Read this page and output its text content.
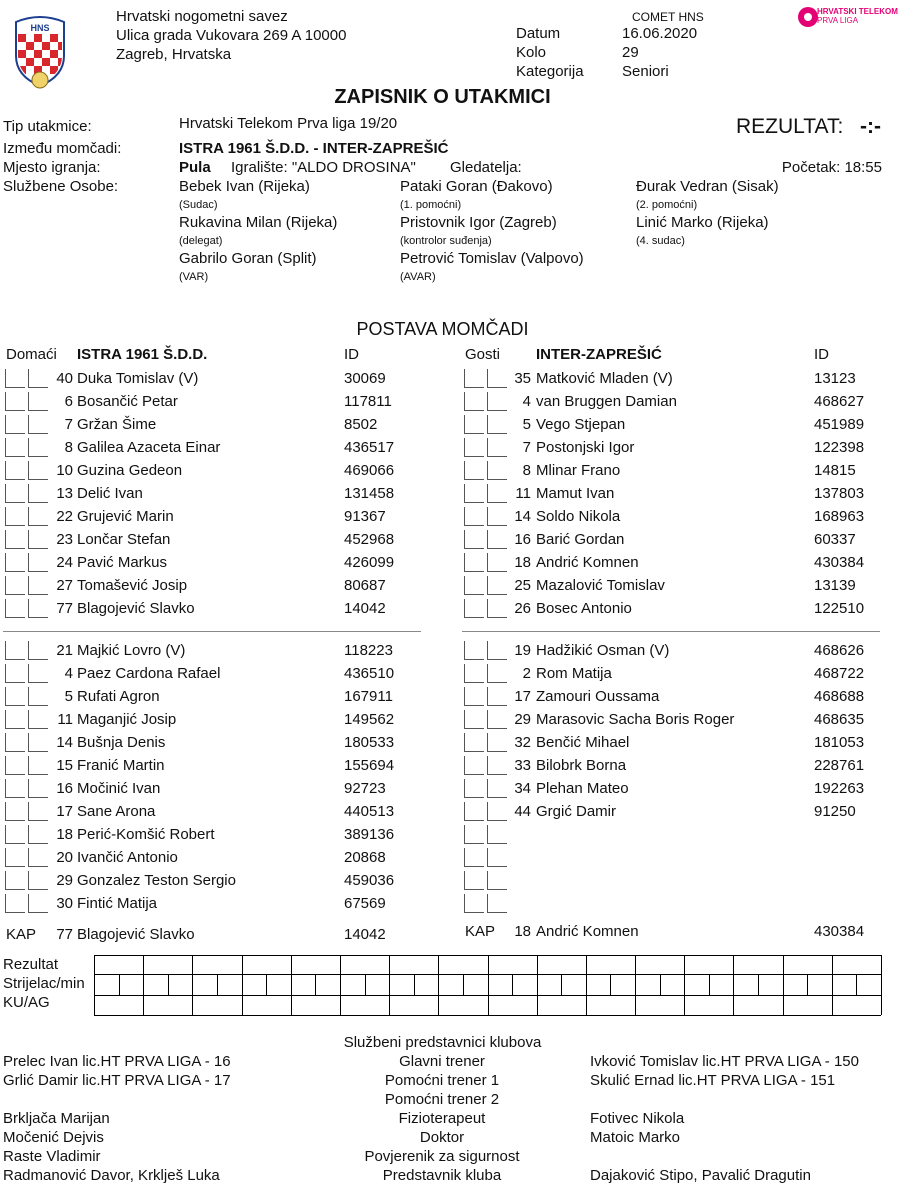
HNS
Hrvatski nogometni savez
Ulica grada Vukovara 269 A 10000
Zagreb, Hrvatska
COMET HNS
Datum	16.06.2020
Kolo	29
Kategorija	Seniori
HRVATSKI TELEKOM
PRVA LIGA
ZAPISNIK O UTAKMICI
Tip utakmice:	Hrvatski Telekom Prva liga 19/20	REZULTAT: -:-
Između momčadi:	ISTRA 1961 Š.D.D. - INTER-ZAPREŠIĆ
Mjesto igranja:	Pula Igralište: "ALDO DROSINA" Gledatelja:	Početak: 18:55
Službene Osobe:	Bebek Ivan (Rijeka)
(Sudac)
Pataki Goran (Đakovo)
(1. pomoćni)
Đurak Vedran (Sisak)
(2. pomoćni)
Rukavina Milan (Rijeka)
(delegat)
Pristovnik Igor (Zagreb)
(kontrolor suđenja)
Linić Marko (Rijeka)
(4. sudac)
Gabrilo Goran (Split)
(VAR)
Petrović Tomislav (Valpovo)
(AVAR)
POSTAVA MOMČADI
Domaći ISTRA 1961 Š.D.D.	ID	Gosti INTER-ZAPREŠIĆ	ID
40 Duka Tomislav (V)	30069
6 Bosančić Petar	117811
7 Gržan Šime	8502
8 Galilea Azaceta Einar	436517
10 Guzina Gedeon	469066
13 Delić Ivan	131458
22 Grujević Marin	91367
23 Lončar Stefan	452968
24 Pavić Markus	426099
27 Tomašević Josip	80687
77 Blagojević Slavko	14042
21 Majkić Lovro (V)	118223
4 Paez Cardona Rafael	436510
5 Rufati Agron	167911
11 Maganjić Josip	149562
14 Bušnja Denis	180533
15 Franić Martin	155694
16 Močinić Ivan	92723
17 Sane Arona	440513
18 Perić-Komšić Robert	389136
20 Ivančić Antonio	20868
29 Gonzalez Teston Sergio	459036
30 Fintić Matija	67569
35 Matković Mladen (V)	13123
4 van Bruggen Damian	468627
5 Vego Stjepan	451989
7 Postonjski Igor	122398
8 Mlinar Frano	14815
11 Mamut Ivan	137803
14 Soldo Nikola	168963
16 Barić Gordan	60337
18 Andrić Komnen	430384
25 Mazalović Tomislav	13139
26 Bosec Antonio	122510
19 Hadžikić Osman (V)	468626
2 Rom Matija	468722
17 Zamouri Oussama	468688
29 Marasovic Sacha Boris Roger	468635
32 Benčić Mihael	181053
33 Bilobrk Borna	228761
34 Plehan Mateo	192263
44 Grgić Damir	91250
KAP 77 Blagojević Slavko	14042	KAP 18 Andrić Komnen	430384
Rezultat
Strijelac/min
KU/AG
Službeni predstavnici klubova
Prelec Ivan lic.HT PRVA LIGA - 16	Glavni trener	Ivković Tomislav lic.HT PRVA LIGA - 150
Grlić Damir lic.HT PRVA LIGA - 17	Pomoćni trener 1	Skulić Ernad lic.HT PRVA LIGA - 151
Pomoćni trener 2
Brkljača Marijan	Fizioterapeut	Fotivec Nikola
Močenić Dejvis	Doktor	Matoic Marko
Raste Vladimir	Povjerenik za sigurnost
Radmanović Davor, Krklješ Luka	Predstavnik kluba	Dajaković Stipo, Pavalić Dragutin
